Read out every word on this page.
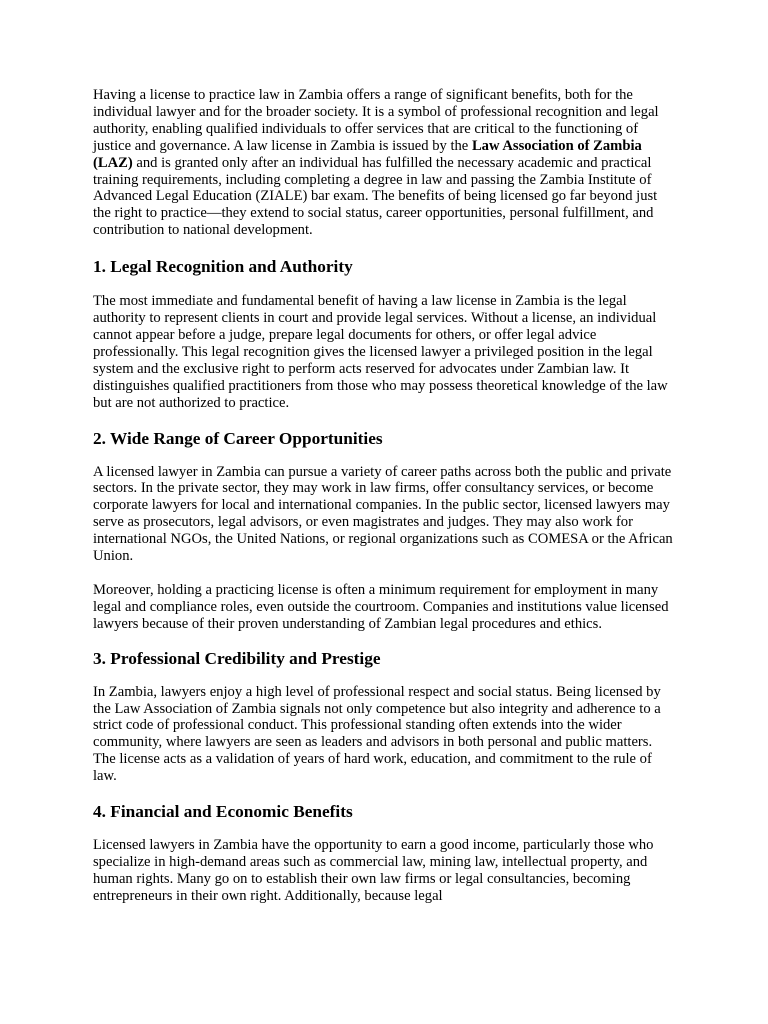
Having a license to practice law in Zambia offers a range of significant benefits, both for the individual lawyer and for the broader society. It is a symbol of professional recognition and legal authority, enabling qualified individuals to offer services that are critical to the functioning of justice and governance. A law license in Zambia is issued by the Law Association of Zambia (LAZ) and is granted only after an individual has fulfilled the necessary academic and practical training requirements, including completing a degree in law and passing the Zambia Institute of Advanced Legal Education (ZIALE) bar exam. The benefits of being licensed go far beyond just the right to practice—they extend to social status, career opportunities, personal fulfillment, and contribution to national development.

1. Legal Recognition and Authority

The most immediate and fundamental benefit of having a law license in Zambia is the legal authority to represent clients in court and provide legal services. Without a license, an individual cannot appear before a judge, prepare legal documents for others, or offer legal advice professionally. This legal recognition gives the licensed lawyer a privileged position in the legal system and the exclusive right to perform acts reserved for advocates under Zambian law. It distinguishes qualified practitioners from those who may possess theoretical knowledge of the law but are not authorized to practice.

2. Wide Range of Career Opportunities

A licensed lawyer in Zambia can pursue a variety of career paths across both the public and private sectors. In the private sector, they may work in law firms, offer consultancy services, or become corporate lawyers for local and international companies. In the public sector, licensed lawyers may serve as prosecutors, legal advisors, or even magistrates and judges. They may also work for international NGOs, the United Nations, or regional organizations such as COMESA or the African Union.

Moreover, holding a practicing license is often a minimum requirement for employment in many legal and compliance roles, even outside the courtroom. Companies and institutions value licensed lawyers because of their proven understanding of Zambian legal procedures and ethics.

3. Professional Credibility and Prestige

In Zambia, lawyers enjoy a high level of professional respect and social status. Being licensed by the Law Association of Zambia signals not only competence but also integrity and adherence to a strict code of professional conduct. This professional standing often extends into the wider community, where lawyers are seen as leaders and advisors in both personal and public matters. The license acts as a validation of years of hard work, education, and commitment to the rule of law.

4. Financial and Economic Benefits

Licensed lawyers in Zambia have the opportunity to earn a good income, particularly those who specialize in high-demand areas such as commercial law, mining law, intellectual property, and human rights. Many go on to establish their own law firms or legal consultancies, becoming entrepreneurs in their own right. Additionally, because legal
